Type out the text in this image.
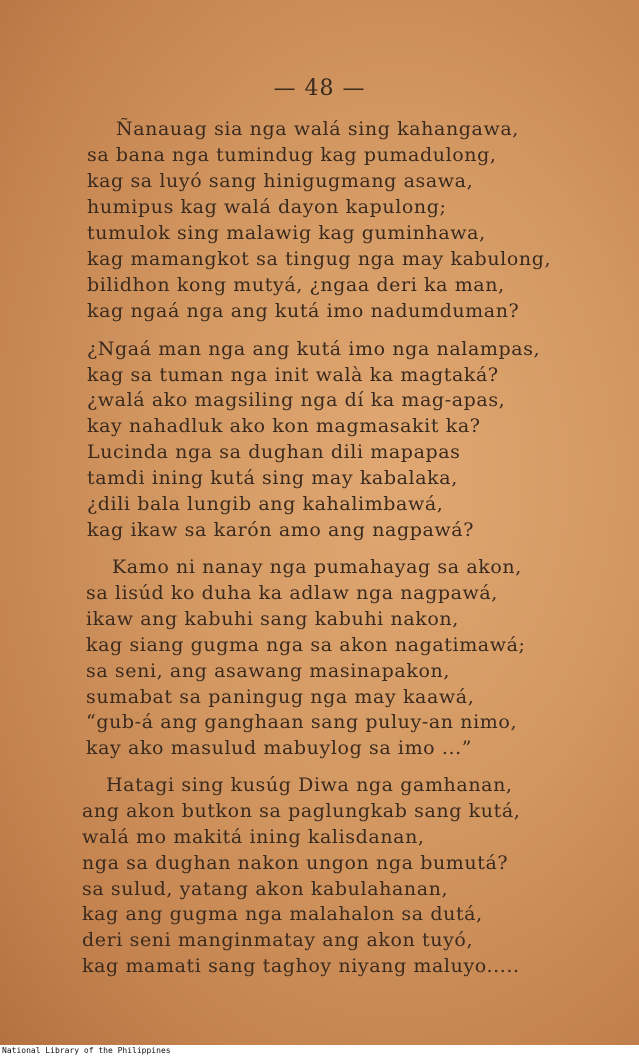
— 48 —
Ñanauag sia nga walá sing kahangawa,
sa bana nga tumindug kag pumadulong,
kag sa luyó sang hinigugmang asawa,
humipus kag walá dayon kapulong;
tumulok sing malawig kag guminhawa,
kag mamangkot sa tingug nga may kabulong,
bilidhon kong mutyá, ¿ngaa deri ka man,
kag ngaá nga ang kutá imo nadumduman?
¿Ngaá man nga ang kutá imo nga nalampas,
kag sa tuman nga init walà ka magtaká?
¿walá ako magsiling nga dí ka mag-apas,
kay nahadluk ako kon magmasakit ka?
Lucinda nga sa dughan dili mapapas
tamdi ining kutá sing may kabalaka,
¿dili bala lungib ang kahalimbawá,
kag ikaw sa karón amo ang nagpawá?
Kamo ni nanay nga pumahayag sa akon,
sa lisúd ko duha ka adlaw nga nagpawá,
ikaw ang kabuhi sang kabuhi nakon,
kag siang gugma nga sa akon nagatimawá;
sa seni, ang asawang masinapakon,
sumabat sa paningug nga may kaawá,
“gub-á ang ganghaan sang puluy-an nimo,
kay ako masulud mabuylog sa imo ...”
Hatagi sing kusúg Diwa nga gamhanan,
ang akon butkon sa paglungkab sang kutá,
walá mo makitá ining kalisdanan,
nga sa dughan nakon ungon nga bumutá?
sa sulud, yatang akon kabulahanan,
kag ang gugma nga malahalon sa dutá,
deri seni manginmatay ang akon tuyó,
kag mamati sang taghoy niyang maluyo.....
National Library of the Philippines
